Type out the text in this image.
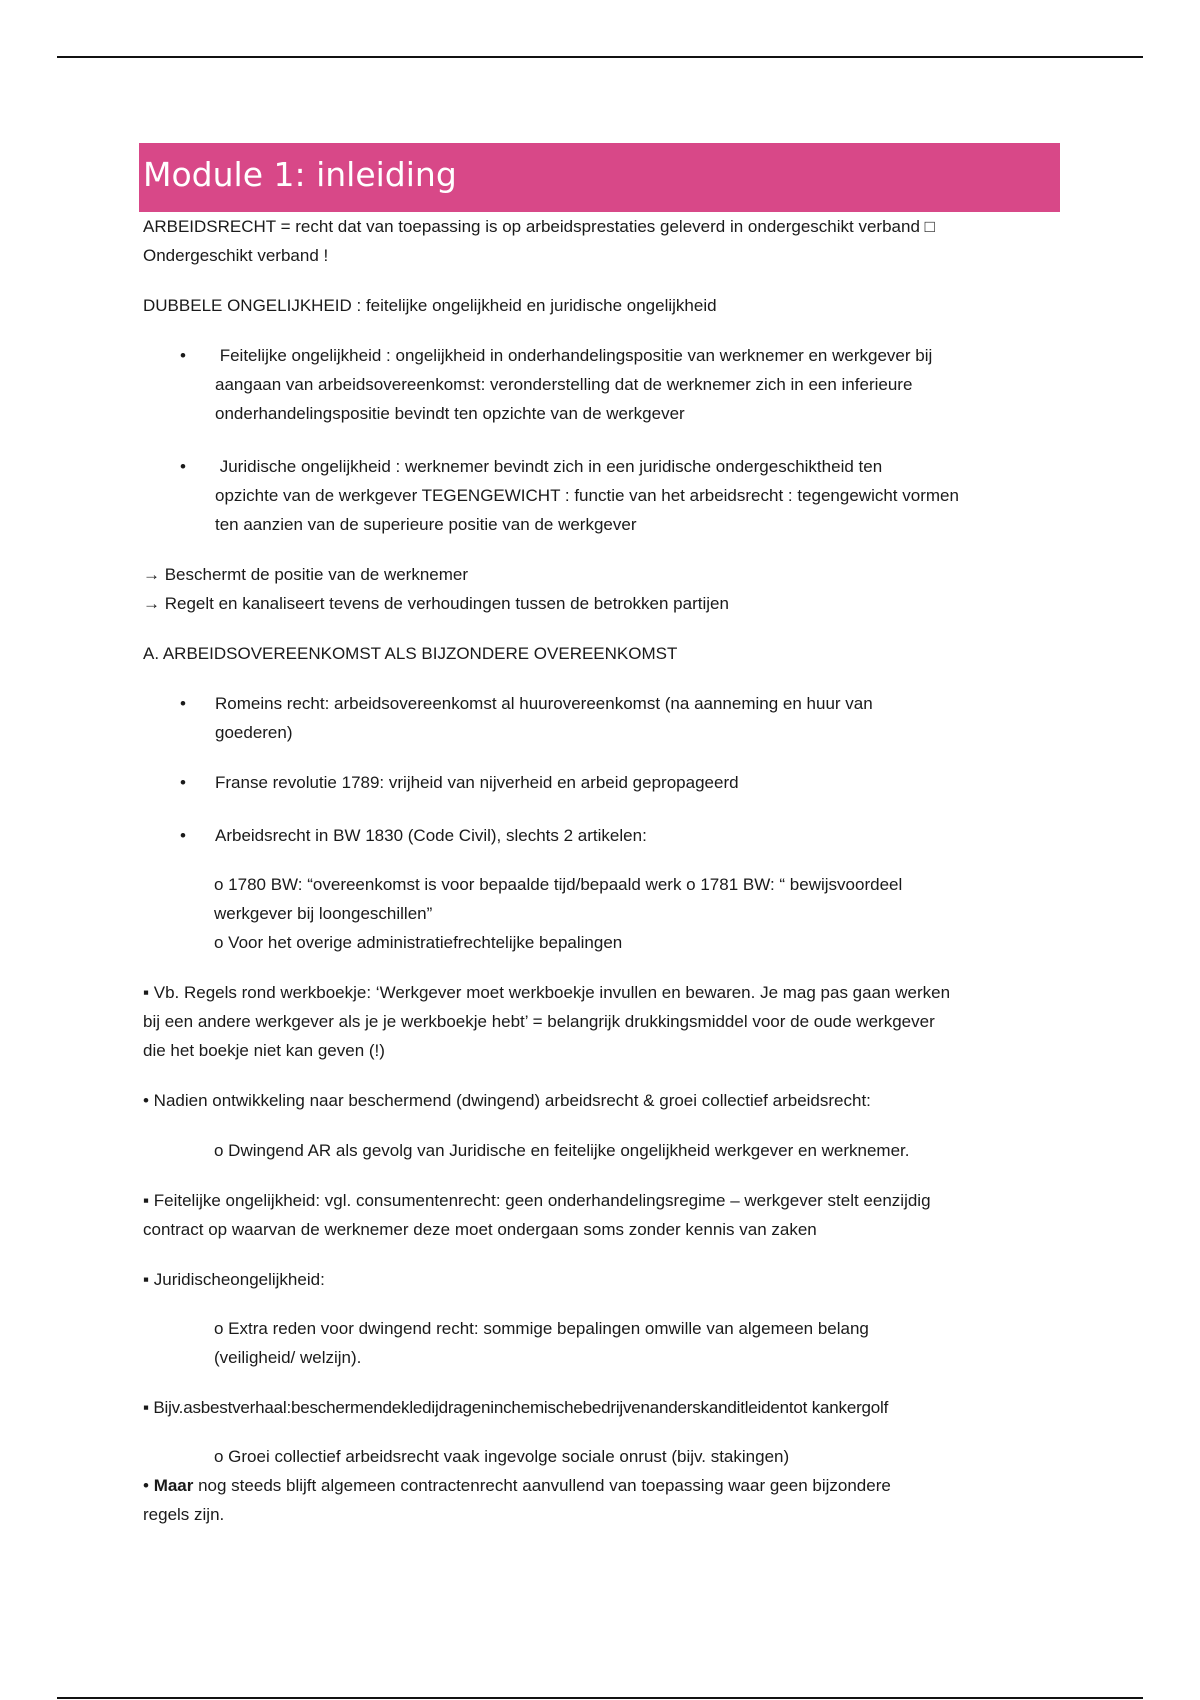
Module 1: inleiding

ARBEIDSRECHT = recht dat van toepassing is op arbeidsprestaties geleverd in ondergeschikt verband □

Ondergeschikt verband !

DUBBELE ONGELIJKHEID : feitelijke ongelijkheid en juridische ongelijkheid

• Feitelijke ongelijkheid : ongelijkheid in onderhandelingspositie van werknemer en werkgever bij
aangaan van arbeidsovereenkomst: veronderstelling dat de werknemer zich in een inferieure
onderhandelingspositie bevindt ten opzichte van de werkgever
• Juridische ongelijkheid : werknemer bevindt zich in een juridische ondergeschiktheid ten
opzichte van de werkgever TEGENGEWICHT : functie van het arbeidsrecht : tegengewicht vormen
ten aanzien van de superieure positie van de werkgever

→ Beschermt de positie van de werknemer

→ Regelt en kanaliseert tevens de verhoudingen tussen de betrokken partijen

A. ARBEIDSOVEREENKOMST ALS BIJZONDERE OVEREENKOMST

• Romeins recht: arbeidsovereenkomst al huurovereenkomst (na aanneming en huur van
goederen)
• Franse revolutie 1789: vrijheid van nijverheid en arbeid gepropageerd
• Arbeidsrecht in BW 1830 (Code Civil), slechts 2 artikelen:

o 1780 BW: “overeenkomst is voor bepaalde tijd/bepaald werk o 1781 BW: “ bewijsvoordeel

werkgever bij loongeschillen”

o Voor het overige administratiefrechtelijke bepalingen

▪ Vb. Regels rond werkboekje: ‘Werkgever moet werkboekje invullen en bewaren. Je mag pas gaan werken

bij een andere werkgever als je je werkboekje hebt’ = belangrijk drukkingsmiddel voor de oude werkgever

die het boekje niet kan geven (!)

• Nadien ontwikkeling naar beschermend (dwingend) arbeidsrecht & groei collectief arbeidsrecht:

o Dwingend AR als gevolg van Juridische en feitelijke ongelijkheid werkgever en werknemer.

▪ Feitelijke ongelijkheid: vgl. consumentenrecht: geen onderhandelingsregime – werkgever stelt eenzijdig

contract op waarvan de werknemer deze moet ondergaan soms zonder kennis van zaken

▪ Juridischeongelijkheid:

o Extra reden voor dwingend recht: sommige bepalingen omwille van algemeen belang

(veiligheid/ welzijn).

▪ Bijv.asbestverhaal:beschermendekledijdrageninchemischebedrijvenanderskanditleidentot kankergolf

o Groei collectief arbeidsrecht vaak ingevolge sociale onrust (bijv. stakingen)

• Maar nog steeds blijft algemeen contractenrecht aanvullend van toepassing waar geen bijzondere

regels zijn.
